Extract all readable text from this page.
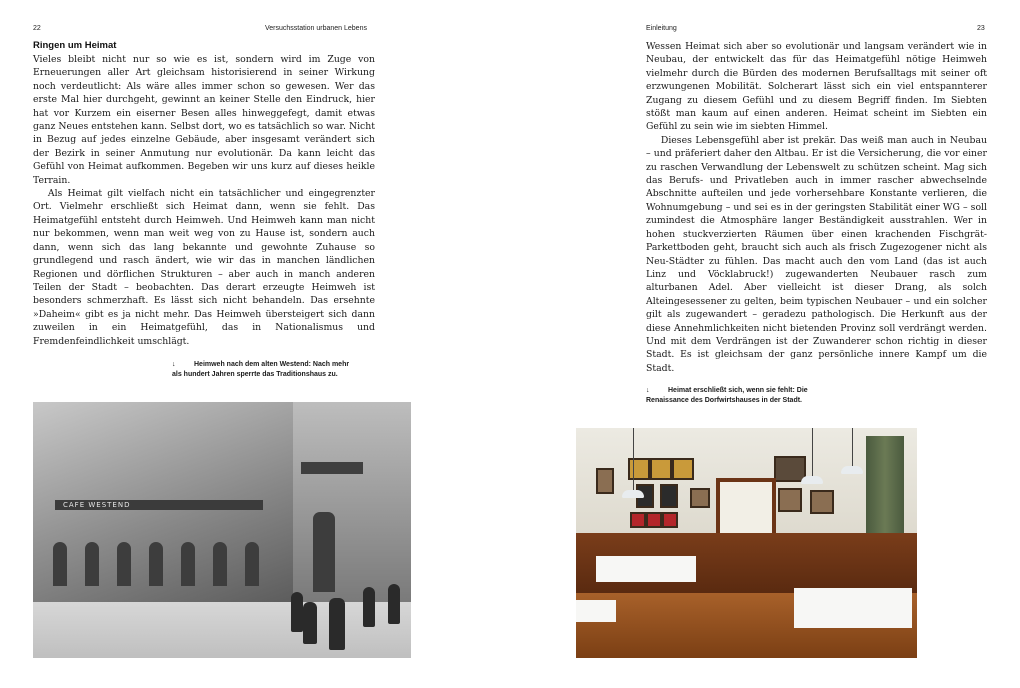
22	Versuchsstation urbanen Lebens
Ringen um Heimat

Vieles bleibt nicht nur so wie es ist, sondern wird im Zuge von Erneuerungen aller Art gleichsam historisierend in seiner Wirkung noch verdeutlicht: Als wäre alles immer schon so gewesen. Wer das erste Mal hier durchgeht, gewinnt an keiner Stelle den Eindruck, hier hat vor Kurzem ein eiserner Besen alles hinweggefegt, damit etwas ganz Neues entstehen kann. Selbst dort, wo es tatsächlich so war. Nicht in Bezug auf jedes einzelne Gebäude, aber insgesamt verändert sich der Bezirk in seiner Anmutung nur evolutionär. Da kann leicht das Gefühl von Heimat aufkommen. Begeben wir uns kurz auf dieses heikle Terrain.

Als Heimat gilt vielfach nicht ein tatsächlicher und eingegrenzter Ort. Vielmehr erschließt sich Heimat dann, wenn sie fehlt. Das Heimatgefühl entsteht durch Heimweh. Und Heimweh kann man nicht nur bekommen, wenn man weit weg von zu Hause ist, sondern auch dann, wenn sich das lang bekannte und gewohnte Zuhause so grundlegend und rasch ändert, wie wir das in manchen ländlichen Regionen und dörflichen Strukturen – aber auch in manch anderen Teilen der Stadt – beobachten. Das derart erzeugte Heimweh ist besonders schmerzhaft. Es lässt sich nicht behandeln. Das ersehnte »Daheim« gibt es ja nicht mehr. Das Heimweh übersteigert sich dann zuweilen in ein Heimatgefühl, das in Nationalismus und Fremdenfeindlichkeit umschlägt.

↓	Heimweh nach dem alten Westend: Nach mehr als hundert Jahren sperrte das Traditionshaus zu.
CAFE WESTEND
Einleitung	23

Wessen Heimat sich aber so evolutionär und langsam verändert wie in Neubau, der entwickelt das für das Heimatgefühl nötige Heimweh vielmehr durch die Bürden des modernen Berufsalltags mit seiner oft erzwungenen Mobilität. Solcherart lässt sich ein viel entspannterer Zugang zu diesem Gefühl und zu diesem Begriff finden. Im Siebten stößt man kaum auf einen anderen. Heimat scheint im Siebten ein Gefühl zu sein wie im siebten Himmel.

Dieses Lebensgefühl aber ist prekär. Das weiß man auch in Neubau – und präferiert daher den Altbau. Er ist die Versicherung, die vor einer zu raschen Verwandlung der Lebenswelt zu schützen scheint. Mag sich das Berufs- und Privatleben auch in immer rascher abwechselnde Abschnitte aufteilen und jede vorhersehbare Konstante verlieren, die Wohnumgebung – und sei es in der geringsten Stabilität einer WG – soll zumindest die Atmosphäre langer Beständigkeit ausstrahlen. Wer in hohen stuckverzierten Räumen über einen krachenden Fischgrät-Parkettboden geht, braucht sich auch als frisch Zugezogener nicht als Neu-Städter zu fühlen. Das macht auch den vom Land (das ist auch Linz und Vöcklabruck!) zugewanderten Neubauer rasch zum alturbanen Adel. Aber vielleicht ist dieser Drang, als solch Alteingesessener zu gelten, beim typischen Neubauer – und ein solcher gilt als zugewandert – geradezu pathologisch. Die Herkunft aus der diese Annehmlichkeiten nicht bietenden Provinz soll verdrängt werden. Und mit dem Verdrängen ist der Zuwanderer schon richtig in dieser Stadt. Es ist gleichsam der ganz persönliche innere Kampf um die Stadt.

↓	Heimat erschließt sich, wenn sie fehlt: Die Renaissance des Dorfwirtshauses in der Stadt.
